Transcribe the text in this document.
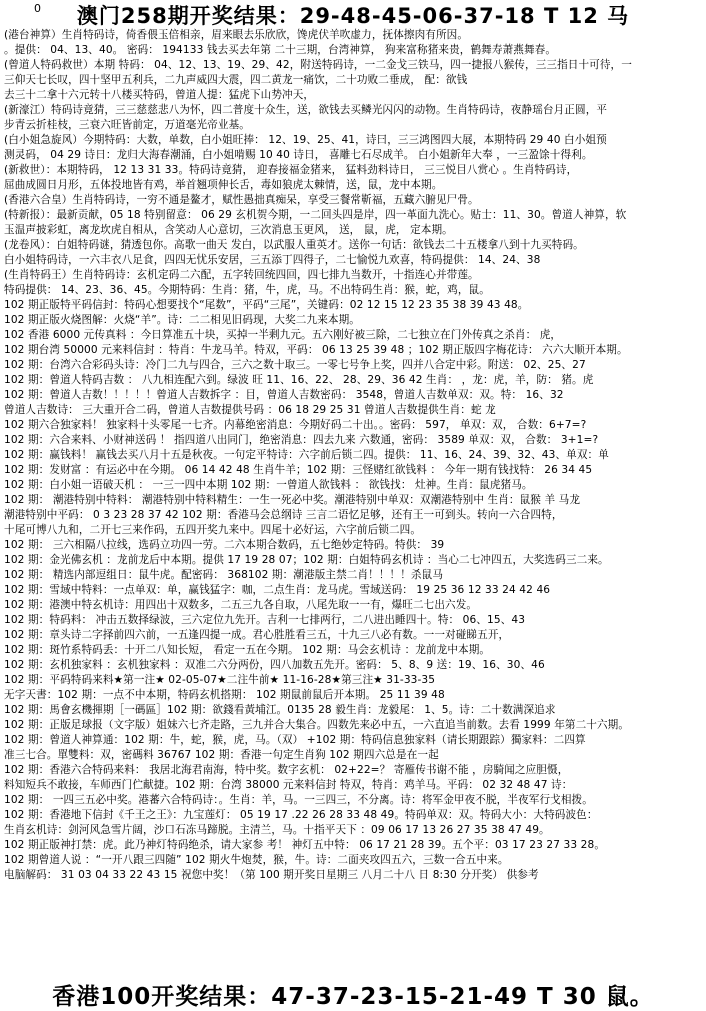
0	澳门258期开奖结果：29-48-45-06-37-18 T 12 马
(港台神算）生肖特码诗，倚香偎玉倍相亲，眉来眼去乐欣欣，馋虎伏羊吹虚力，抚体擦肉有所因。
。提供： 04、13、40。 密码： 194133 钱去买去年第 二十三期，台湾神算， 狗来富称猪来贵，鹤舞寿萧燕舞春。
(曾道人特码救世）本期 特码： 04、12、13、19、29、42，附送特码诗，一二金戈三铁马，四一捷报八猴传，三三指日十可待，一
三仰天七长叹，四十坚甲五利兵，二九声威四大震，四二黄龙一痛饮，二十功败二垂成， 配：欲钱
去三十二拿十六元转十八楼买特码，曾道人提：猛虎下山势冲天，
(新濠江）特码诗竟猜，三三慈慈悲八为怀，四二普度十众生，送，欲钱去买鳞光闪闪的动物。生肖特码诗，夜静瑶台月正圆，平
步青云折桂枝，三衰六旺皆前定，万道毫光帝业基。
(白小姐急旋风）今期特码：大数，单数，白小姐旺捧： 12、19、25、41，诗曰，三三鸿图四大展，本期特码 29 40 白小姐预
测灵码， 04 29 诗日：龙归大海春潮涌，白小姐啃赐 10 40 诗日， 喜雕七石尽成羊。 白小姐新年大奉 ，一三盈馀十得利。
(新救世）：本期特码， 12 13 31 33。特码诗竟猜， 迎春接福金猪来， 猛料劲料诗日， 三三悦目八赏心 。生肖特码诗，
屈曲成圆日月形，五体投地皆有鸡，举首翘项伸长舌，毒如狼虎太棘情，送，鼠，龙中本期。
(香港六合皇）生肖特码诗，一穷不通是鳌才，赋性愚拙真痴呆，享受三餐常靳福，五藏六腑见尸骨。
(特新报）：最新贡献，05 18 特别留意： 06 29 玄机贺今期，一二回头四是岸，四一革面九洗心。贴士：11、30。曾道人神算，软
玉温声披彩虹，离龙坎虎自相从，含笑动人心意切，三次消息玉更风， 送， 鼠，虎， 定本期。
(龙卷风）：白姐特码谜，猜透包你。高歌一曲天 发白，以武服人重英才。送你一句话：欲钱去二十五楼拿八到十九买特码。
白小姐特码诗，一六丰衣八足食，四四无忧乐安居，三五添丁四得子，二七愉悦九欢喜，特码提供： 14、24、38
(生肖特码王）生肖特码诗：玄机定码二六配，五字转回统四回，四七排九当数开，十指连心并带莲。
特码提供： 14、23、36、45。今期特码：生肖：猪，牛，虎，马。不出特码生肖：猴，蛇，鸡，鼠。
102 期正版特平码信封：特码心想要找个“尾数”，平码“三尾”，关键码：02 12 15 12 23 35 38 39 43 48。
102 期正版火烧图解：火烧“羊”。诗：二二相见旧码现，大奖二九来本期。
102 香港 6000 元传真料 ：今日算准五十块，买掉一半剩九元。五六刚好被三除，二七独立在门外传真之杀肖： 虎，
102 期台湾 50000 元来料信封 ：特肖：牛龙马羊。特双，平码： 06 13 25 39 48 ；102 期正版四字梅花诗： 六六大顺开本期。
102 期：台湾六合彩码头诗：冷门二九与四合，三六之数十取三。一零七号争上奖，四并八合定中彩。附送： 02、25、27
102 期：曾道人特码吉数 ： 八九相连配六到。绿波 旺 11、16、22、 28、29、36 42 生肖： ，龙：虎，羊，防： 猪。虎
102 期：曾道人吉数！！！！！曾道人吉数拆字 ：目，曾道人吉数密码： 3548，曾道人吉数单双：双。特： 16、32
曾道人吉数诗： 三大重开合二码，曾道人吉数提供号码 ：06 18 29 25 31 曾道人吉数提供生肖：蛇 龙
102 期六合独家料！ 独家料十头零尾一七齐。内幕绝密消息：今期好码二十出。。密码： 597， 单双：双， 合数：6+7=?
102 期：六合来料、小财神送码 ！ 指四道八出同门，绝密消息：四去九来 六数通，密码： 3589 单双：双， 合数： 3+1=?
102 期：赢钱料！ 赢钱去买八月十五是秋夜。一句定平特诗：六字前后锁二四。提供： 11、16、24、39、32、43、单双：单
102 期：发财富 ：有运必中在今期。 06 14 42 48 生肖牛羊；102 期：三怪赌红欲钱料 ： 今年一期有钱找特： 26 34 45
102 期：白小姐一语破天机 ： 一三一四中本期 102 期：一曾道人欲钱料 ： 欲钱找： 灶神。生肖：鼠虎猪马。
102 期： 潮港特别中特料： 潮港特别中特料精生：一生一死必中奖。潮港特别中单双：双潮港特别中 生肖：鼠猴 羊 马龙
潮港特别中平码： 0 3 23 28 37 42 102 期：香港马会总纲诗 三言二语忆足够，还有王一可到头。转向一六合四特，
十尾可博八九和，二开七三来作码，五四开奖九来中。四尾十必好运，六字前后锁二四。
102 期： 三六相隔八拉线，选码立功四一劳。二六本期合数码，五七绝妙定特码。特供： 39
102 期：金光佛玄机 ：龙前龙后中本期。提供 17 19 28 07；102 期：白姐特码玄机诗 ：当心二七冲四五，大奖选码三二来。
102 期： 精选内部逗组日：鼠牛虎。配密码： 368102 期：潮港版主禁二肖！！！！杀鼠马
102 期：雪域中特料：一点单双：单，赢钱猛字：咖，二点生肖：龙马虎。雪域送码： 19 25 36 12 33 24 42 46
102 期：港澳中特玄机诗：用四出十双数多，二五三九各自取，八尾先取一一有，爆旺二七出六发。
102 期：特码料： 冲击五数择绿波，三六定位九先开。吉利一七排两行，二八进出睡四十。特： 06、15、43
102 期：章头诗二字择前四六前，一五逢四提一成。君心胜胜看三五，十九三八必有数。一一对碰睇五开，
102 期：斑竹系特码丢：十开二八知长短， 看定一五在今期。 102 期：马会玄机诗 ：龙前龙中本期。
102 期：玄机独家料 ：玄机独家料 ：双准二六分两份，四八加数五先开。密码： 5、8、9 送：19、16、30、46
102 期：平码特码来料★第一注★ 02-05-07★二注牛前★ 11-16-28★第三注★ 31-33-35
无字天書：102 期：一点不中本期，特码玄机搭期： 102 期鼠前鼠后开本期。 25 11 39 48
102 期：馬會玄機揮期［一碼區］102 期：欲錢看黃埔江。0135 28 毅生肖：龙毅尾： 1、5。诗：二十数满深追求
102 期：正版足球报（文字版）姐妹六七齐走路，三九并合大集合。四数先来必中五，一六直追当前数。去看 1999 年第二十六期。
102 期：曾道人神算通：102 期：牛，蛇，猴，虎，马。（双） +102 期：特码信息独家料（请长期跟踪）獨家料：二四算
准三七合。單雙料：双，密碼料 36767 102 期：香港一句定生肖狗 102 期四六总是在一起
102 期：香港六合特码来料： 我居北海君南海，特中奖。数字玄机： 02+22=？ 寄雁传书谢不能 ，房騎闻之应胆慑，
料知短兵不敢接，车师西门伫献捷。102 期：台湾 38000 元来料信封 特双，特肖：鸡羊马。平码： 02 32 48 47 诗：
102 期： 一四三五必中奖。港蕃六合特码诗：。生肖：羊，马。一三四三，不分离。诗：将军金甲夜不脱，半夜军行戈相拨。
102 期：香港地下信封《千王之王》：九宝莲灯： 05 19 17 .22 26 28 33 48 49。特码单双：双。特码大小：大特码波色：
生肖玄机诗：剑河风急雪片阔，沙口石冻马蹄脱。主清兰，马。十指平天下 ：09 06 17 13 26 27 35 38 47 49。
102 期正版神打禁：虎。此乃神灯特码绝杀，请大家参 考！ 神灯五中特： 06 17 21 28 39。五个平：03 17 23 27 33 28。
102 期曾道人说 ：“一开八跟三四随” 102 期火牛炮焚，猴，牛。诗：二面夹攻四五六，三数一合五中来。
电脑解码： 31 03 04 33 22 43 15 祝您中奖！（第 100 期开奖日星期三 八月二十八 日 8:30 分开奖） 供参考
香港100开奖结果：47-37-23-15-21-49 T 30 鼠。
